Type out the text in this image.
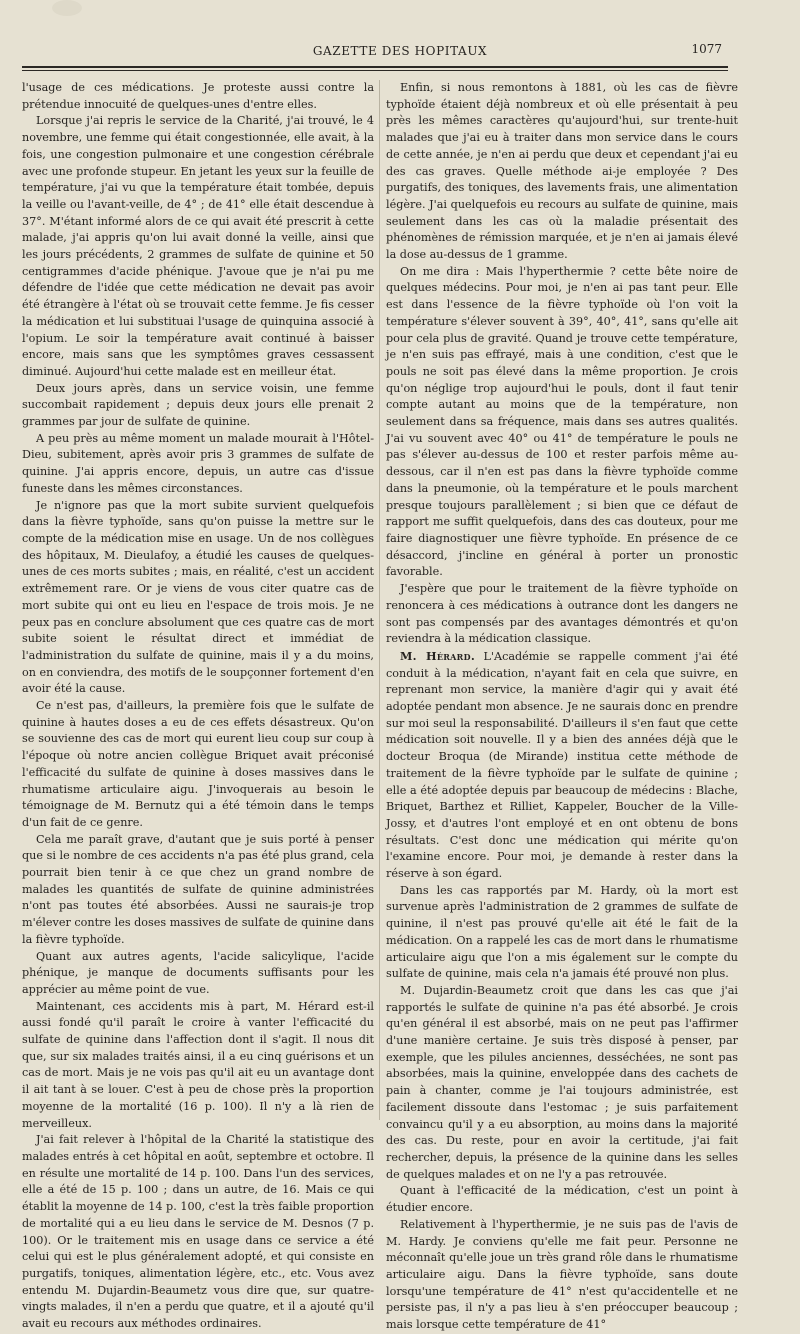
GAZETTE DES HOPITAUX	1077

l'usage de ces médications. Je proteste aussi contre la prétendue innocuité de quelques-unes d'entre elles.

Lorsque j'ai repris le service de la Charité, j'ai trouvé, le 4 novembre, une femme qui était congestionnée, elle avait, à la fois, une congestion pulmonaire et une congestion cérébrale avec une profonde stupeur. En jetant les yeux sur la feuille de température, j'ai vu que la température était tombée, depuis la veille ou l'avant-veille, de 4° ; de 41° elle était descendue à 37°. M'étant informé alors de ce qui avait été prescrit à cette malade, j'ai appris qu'on lui avait donné la veille, ainsi que les jours précédents, 2 grammes de sulfate de quinine et 50 centigrammes d'acide phénique. J'avoue que je n'ai pu me défendre de l'idée que cette médication ne devait pas avoir été étrangère à l'état où se trouvait cette femme. Je fis cesser la médication et lui substituai l'usage de quinquina associé à l'opium. Le soir la température avait continué à baisser encore, mais sans que les symptômes graves cessassent diminué. Aujourd'hui cette malade est en meilleur état.

Deux jours après, dans un service voisin, une femme succombait rapidement ; depuis deux jours elle prenait 2 grammes par jour de sulfate de quinine.

A peu près au même moment un malade mourait à l'Hôtel-Dieu, subitement, après avoir pris 3 grammes de sulfate de quinine. J'ai appris encore, depuis, un autre cas d'issue funeste dans les mêmes circonstances.

Je n'ignore pas que la mort subite survient quelquefois dans la fièvre typhoïde, sans qu'on puisse la mettre sur le compte de la médication mise en usage. Un de nos collègues des hôpitaux, M. Dieulafoy, a étudié les causes de quelques-unes de ces morts subites ; mais, en réalité, c'est un accident extrêmement rare. Or je viens de vous citer quatre cas de mort subite qui ont eu lieu en l'espace de trois mois. Je ne peux pas en conclure absolument que ces quatre cas de mort subite soient le résultat direct et immédiat de l'administration du sulfate de quinine, mais il y a du moins, on en conviendra, des motifs de le soupçonner fortement d'en avoir été la cause.

Ce n'est pas, d'ailleurs, la première fois que le sulfate de quinine à hautes doses a eu de ces effets désastreux. Qu'on se souvienne des cas de mort qui eurent lieu coup sur coup à l'époque où notre ancien collègue Briquet avait préconisé l'efficacité du sulfate de quinine à doses massives dans le rhumatisme articulaire aigu. J'invoquerais au besoin le témoignage de M. Bernutz qui a été témoin dans le temps d'un fait de ce genre.

Cela me paraît grave, d'autant que je suis porté à penser que si le nombre de ces accidents n'a pas été plus grand, cela pourrait bien tenir à ce que chez un grand nombre de malades les quantités de sulfate de quinine administrées n'ont pas toutes été absorbées. Aussi ne saurais-je trop m'élever contre les doses massives de sulfate de quinine dans la fièvre typhoïde.

Quant aux autres agents, l'acide salicylique, l'acide phénique, je manque de documents suffisants pour les apprécier au même point de vue.

Maintenant, ces accidents mis à part, M. Hérard est-il aussi fondé qu'il paraît le croire à vanter l'efficacité du sulfate de quinine dans l'affection dont il s'agit. Il nous dit que, sur six malades traités ainsi, il a eu cinq guérisons et un cas de mort. Mais je ne vois pas qu'il ait eu un avantage dont il ait tant à se louer. C'est à peu de chose près la proportion moyenne de la mortalité (16 p. 100). Il n'y a là rien de merveilleux.

J'ai fait relever à l'hôpital de la Charité la statistique des malades entrés à cet hôpital en août, septembre et octobre. Il en résulte une mortalité de 14 p. 100. Dans l'un des services, elle a été de 15 p. 100 ; dans un autre, de 16. Mais ce qui établit la moyenne de 14 p. 100, c'est la très faible proportion de mortalité qui a eu lieu dans le service de M. Desnos (7 p. 100). Or le traitement mis en usage dans ce service a été celui qui est le plus généralement adopté, et qui consiste en purgatifs, toniques, alimentation légère, etc., etc. Vous avez entendu M. Dujardin-Beaumetz vous dire que, sur quatre-vingts malades, il n'en a perdu que quatre, et il a ajouté qu'il avait eu recours aux méthodes ordinaires.

Enfin, si nous remontons à 1881, où les cas de fièvre typhoïde étaient déjà nombreux et où elle présentait à peu près les mêmes caractères qu'aujourd'hui, sur trente-huit malades que j'ai eu à traiter dans mon service dans le cours de cette année, je n'en ai perdu que deux et cependant j'ai eu des cas graves. Quelle méthode ai-je employée ? Des purgatifs, des toniques, des lavements frais, une alimentation légère. J'ai quelquefois eu recours au sulfate de quinine, mais seulement dans les cas où la maladie présentait des phénomènes de rémission marquée, et je n'en ai jamais élevé la dose au-dessus de 1 gramme.

On me dira : Mais l'hyperthermie ? cette bête noire de quelques médecins. Pour moi, je n'en ai pas tant peur. Elle est dans l'essence de la fièvre typhoïde où l'on voit la température s'élever souvent à 39°, 40°, 41°, sans qu'elle ait pour cela plus de gravité. Quand je trouve cette température, je n'en suis pas effrayé, mais à une condition, c'est que le pouls ne soit pas élevé dans la même proportion. Je crois qu'on néglige trop aujourd'hui le pouls, dont il faut tenir compte autant au moins que de la température, non seulement dans sa fréquence, mais dans ses autres qualités. J'ai vu souvent avec 40° ou 41° de température le pouls ne pas s'élever au-dessus de 100 et rester parfois même au-dessous, car il n'en est pas dans la fièvre typhoïde comme dans la pneumonie, où la température et le pouls marchent presque toujours parallèlement ; si bien que ce défaut de rapport me suffit quelquefois, dans des cas douteux, pour me faire diagnostiquer une fièvre typhoïde. En présence de ce désaccord, j'incline en général à porter un pronostic favorable.

J'espère que pour le traitement de la fièvre typhoïde on renoncera à ces médications à outrance dont les dangers ne sont pas compensés par des avantages démontrés et qu'on reviendra à la médication classique.

M. Hérard. L'Académie se rappelle comment j'ai été conduit à la médication, n'ayant fait en cela que suivre, en reprenant mon service, la manière d'agir qui y avait été adoptée pendant mon absence. Je ne saurais donc en prendre sur moi seul la responsabilité. D'ailleurs il s'en faut que cette médication soit nouvelle. Il y a bien des années déjà que le docteur Broqua (de Mirande) institua cette méthode de traitement de la fièvre typhoïde par le sulfate de quinine ; elle a été adoptée depuis par beaucoup de médecins : Blache, Briquet, Barthez et Rilliet, Kappeler, Boucher de la Ville-Jossy, et d'autres l'ont employé et en ont obtenu de bons résultats. C'est donc une médication qui mérite qu'on l'examine encore. Pour moi, je demande à rester dans la réserve à son égard.

Dans les cas rapportés par M. Hardy, où la mort est survenue après l'administration de 2 grammes de sulfate de quinine, il n'est pas prouvé qu'elle ait été le fait de la médication. On a rappelé les cas de mort dans le rhumatisme articulaire aigu que l'on a mis également sur le compte du sulfate de quinine, mais cela n'a jamais été prouvé non plus.

M. Dujardin-Beaumetz croit que dans les cas que j'ai rapportés le sulfate de quinine n'a pas été absorbé. Je crois qu'en général il est absorbé, mais on ne peut pas l'affirmer d'une manière certaine. Je suis très disposé à penser, par exemple, que les pilules anciennes, desséchées, ne sont pas absorbées, mais la quinine, enveloppée dans des cachets de pain à chanter, comme je l'ai toujours administrée, est facilement dissoute dans l'estomac ; je suis parfaitement convaincu qu'il y a eu absorption, au moins dans la majorité des cas. Du reste, pour en avoir la certitude, j'ai fait rechercher, depuis, la présence de la quinine dans les selles de quelques malades et on ne l'y a pas retrouvée.

Quant à l'efficacité de la médication, c'est un point à étudier encore.

Relativement à l'hyperthermie, je ne suis pas de l'avis de M. Hardy. Je conviens qu'elle me fait peur. Personne ne méconnaît qu'elle joue un très grand rôle dans le rhumatisme articulaire aigu. Dans la fièvre typhoïde, sans doute lorsqu'une température de 41° n'est qu'accidentelle et ne persiste pas, il n'y a pas lieu à s'en préoccuper beaucoup ; mais lorsque cette température de 41°
